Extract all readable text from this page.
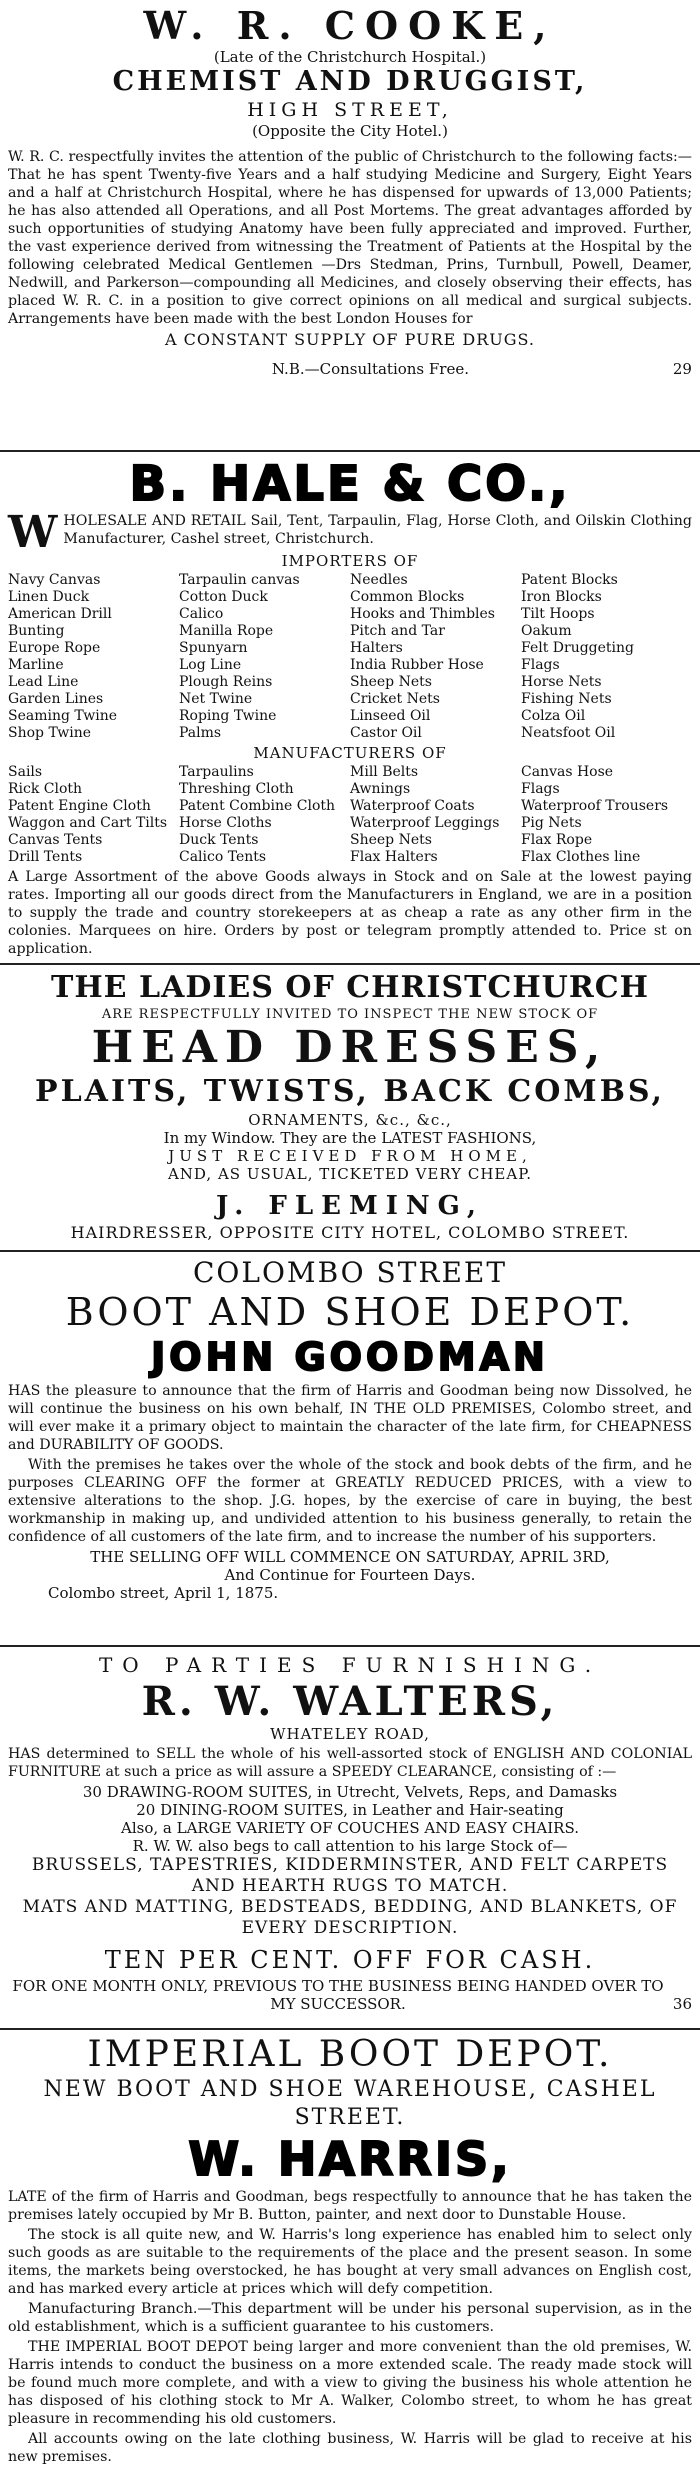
W. R. COOKE,
(Late of the Christchurch Hospital.)
CHEMIST AND DRUGGIST,
HIGH STREET,
(Opposite the City Hotel.)

W. R. C. respectfully invites the attention of the public of Christchurch to the following facts:—That he has spent Twenty-five Years and a half studying Medicine and Surgery, Eight Years and a half at Christchurch Hospital, where he has dispensed for upwards of 13,000 Patients; he has also attended all Operations, and all Post Mortems. The great advantages afforded by such opportunities of studying Anatomy have been fully appreciated and improved. Further, the vast experience derived from witnessing the Treatment of Patients at the Hospital by the following celebrated Medical Gentlemen —Drs Stedman, Prins, Turnbull, Powell, Deamer, Nedwill, and Parkerson—compounding all Medicines, and closely observing their effects, has placed W. R. C. in a position to give correct opinions on all medical and surgical subjects. Arrangements have been made with the best London Houses for

A CONSTANT SUPPLY OF PURE DRUGS.
N.B.—Consultations Free.	29
B. HALE & CO.,

WHOLESALE AND RETAIL Sail, Tent, Tarpaulin, Flag, Horse Cloth, and Oilskin Clothing Manufacturer, Cashel street, Christchurch.

IMPORTERS OF
Navy Canvas
Linen Duck
American Drill
Bunting
Europe Rope
Marline
Lead Line
Garden Lines
Seaming Twine
Shop Twine
Tarpaulin canvas
Cotton Duck
Calico
Manilla Rope
Spunyarn
Log Line
Plough Reins
Net Twine
Roping Twine
Palms
Needles
Common Blocks
Hooks and Thimbles
Pitch and Tar
Halters
India Rubber Hose
Sheep Nets
Cricket Nets
Linseed Oil
Castor Oil
Patent Blocks
Iron Blocks
Tilt Hoops
Oakum
Felt Druggeting
Flags
Horse Nets
Fishing Nets
Colza Oil
Neatsfoot Oil
MANUFACTURERS OF
Sails
Rick Cloth
Patent Engine Cloth
Waggon and Cart Tilts
Canvas Tents
Drill Tents
Tarpaulins
Threshing Cloth
Patent Combine Cloth
Horse Cloths
Duck Tents
Calico Tents
Mill Belts
Awnings
Waterproof Coats
Waterproof Leggings
Sheep Nets
Flax Halters
Canvas Hose
Flags
Waterproof Trousers
Pig Nets
Flax Rope
Flax Clothes line

A Large Assortment of the above Goods always in Stock and on Sale at the lowest paying rates. Importing all our goods direct from the Manufacturers in England, we are in a position to supply the trade and country storekeepers at as cheap a rate as any other firm in the colonies. Marquees on hire. Orders by post or telegram promptly attended to. Price st on application.

THE LADIES OF CHRISTCHURCH
ARE RESPECTFULLY INVITED TO INSPECT THE NEW STOCK OF
HEAD DRESSES,
PLAITS, TWISTS, BACK COMBS,
ORNAMENTS, &c., &c.,
In my Window. They are the LATEST FASHIONS,
JUST RECEIVED FROM HOME,
AND, AS USUAL, TICKETED VERY CHEAP.
J. FLEMING,
HAIRDRESSER, OPPOSITE CITY HOTEL, COLOMBO STREET.
COLOMBO STREET
BOOT AND SHOE DEPOT.
JOHN GOODMAN

HAS the pleasure to announce that the firm of Harris and Goodman being now Dissolved, he will continue the business on his own behalf, IN THE OLD PREMISES, Colombo street, and will ever make it a primary object to maintain the character of the late firm, for CHEAPNESS and DURABILITY OF GOODS.

With the premises he takes over the whole of the stock and book debts of the firm, and he purposes CLEARING OFF the former at GREATLY REDUCED PRICES, with a view to extensive alterations to the shop. J.G. hopes, by the exercise of care in buying, the best workmanship in making up, and undivided attention to his business generally, to retain the confidence of all customers of the late firm, and to increase the number of his supporters.

THE SELLING OFF WILL COMMENCE ON SATURDAY, APRIL 3RD,
And Continue for Fourteen Days.
Colombo street, April 1, 1875.
TO PARTIES FURNISHING.
R. W. WALTERS,
WHATELEY ROAD,

HAS determined to SELL the whole of his well-assorted stock of ENGLISH AND COLONIAL FURNITURE at such a price as will assure a SPEEDY CLEARANCE, consisting of :—

30 DRAWING-ROOM SUITES, in Utrecht, Velvets, Reps, and Damasks
20 DINING-ROOM SUITES, in Leather and Hair-seating
Also, a LARGE VARIETY OF COUCHES AND EASY CHAIRS.
R. W. W. also begs to call attention to his large Stock of—
BRUSSELS, TAPESTRIES, KIDDERMINSTER, AND FELT CARPETS AND HEARTH RUGS TO MATCH.
MATS AND MATTING, BEDSTEADS, BEDDING, AND BLANKETS, OF EVERY DESCRIPTION.
TEN PER CENT. OFF FOR CASH.
FOR ONE MONTH ONLY, PREVIOUS TO THE BUSINESS BEING HANDED OVER TO MY SUCCESSOR.	36
IMPERIAL BOOT DEPOT.
NEW BOOT AND SHOE WAREHOUSE, CASHEL STREET.
W. HARRIS,

LATE of the firm of Harris and Goodman, begs respectfully to announce that he has taken the premises lately occupied by Mr B. Button, painter, and next door to Dunstable House.

The stock is all quite new, and W. Harris's long experience has enabled him to select only such goods as are suitable to the requirements of the place and the present season. In some items, the markets being overstocked, he has bought at very small advances on English cost, and has marked every article at prices which will defy competition.

Manufacturing Branch.—This department will be under his personal supervision, as in the old establishment, which is a sufficient guarantee to his customers.

THE IMPERIAL BOOT DEPOT being larger and more convenient than the old premises, W. Harris intends to conduct the business on a more extended scale. The ready made stock will be found much more complete, and with a view to giving the business his whole attention he has disposed of his clothing stock to Mr A. Walker, Colombo street, to whom he has great pleasure in recommending his old customers.

All accounts owing on the late clothing business, W. Harris will be glad to receive at his new premises.
